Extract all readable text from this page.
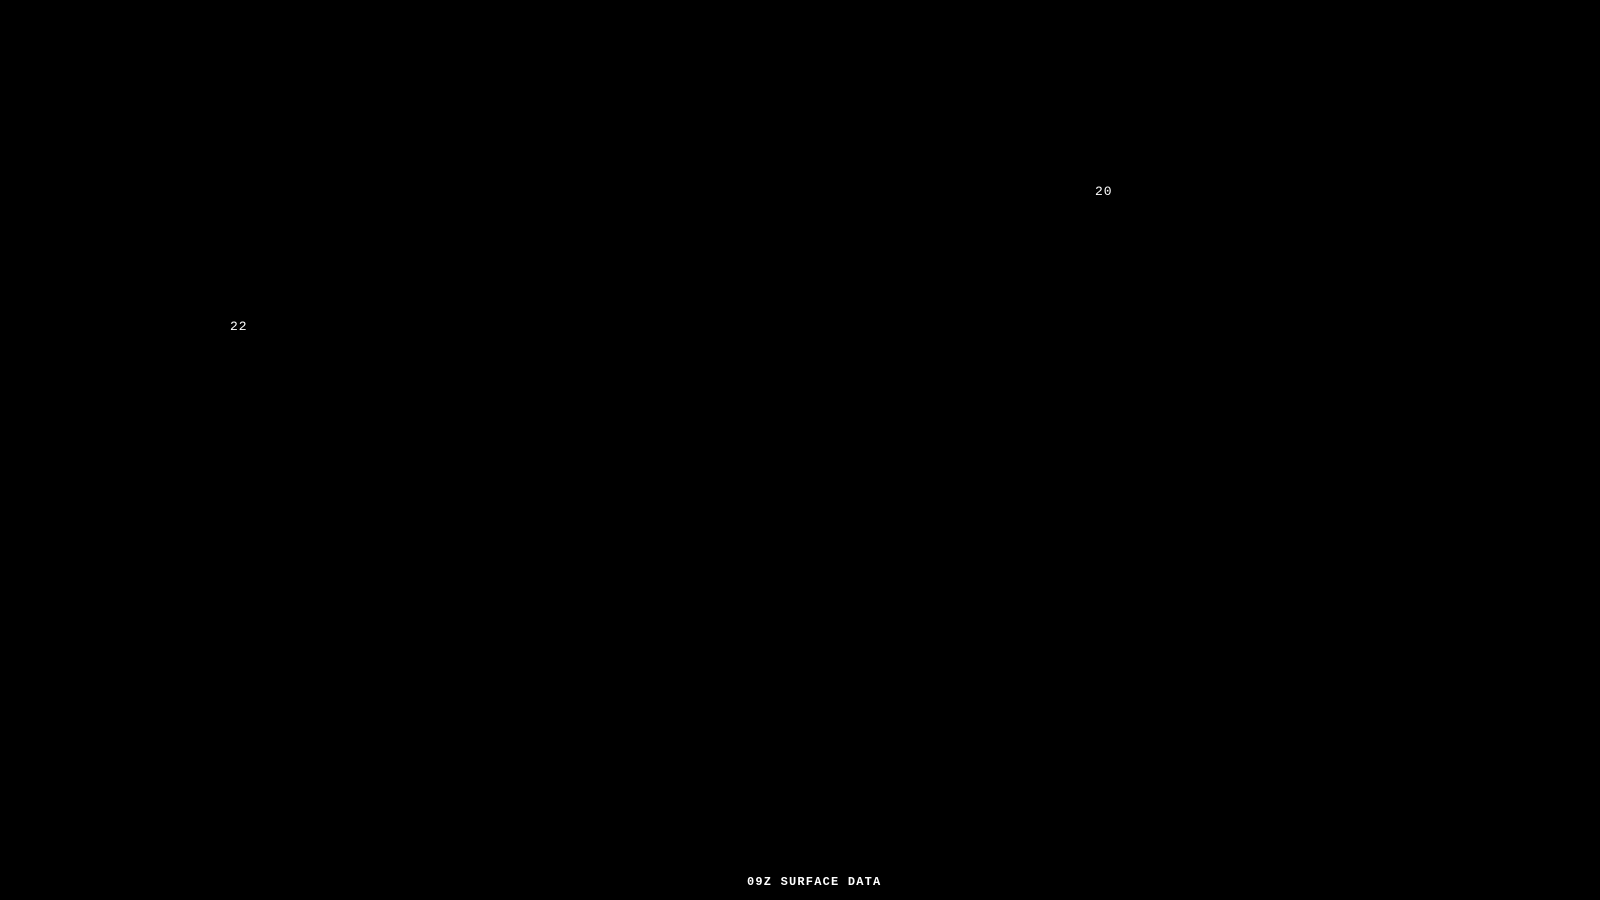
22
20
09Z SURFACE DATA
